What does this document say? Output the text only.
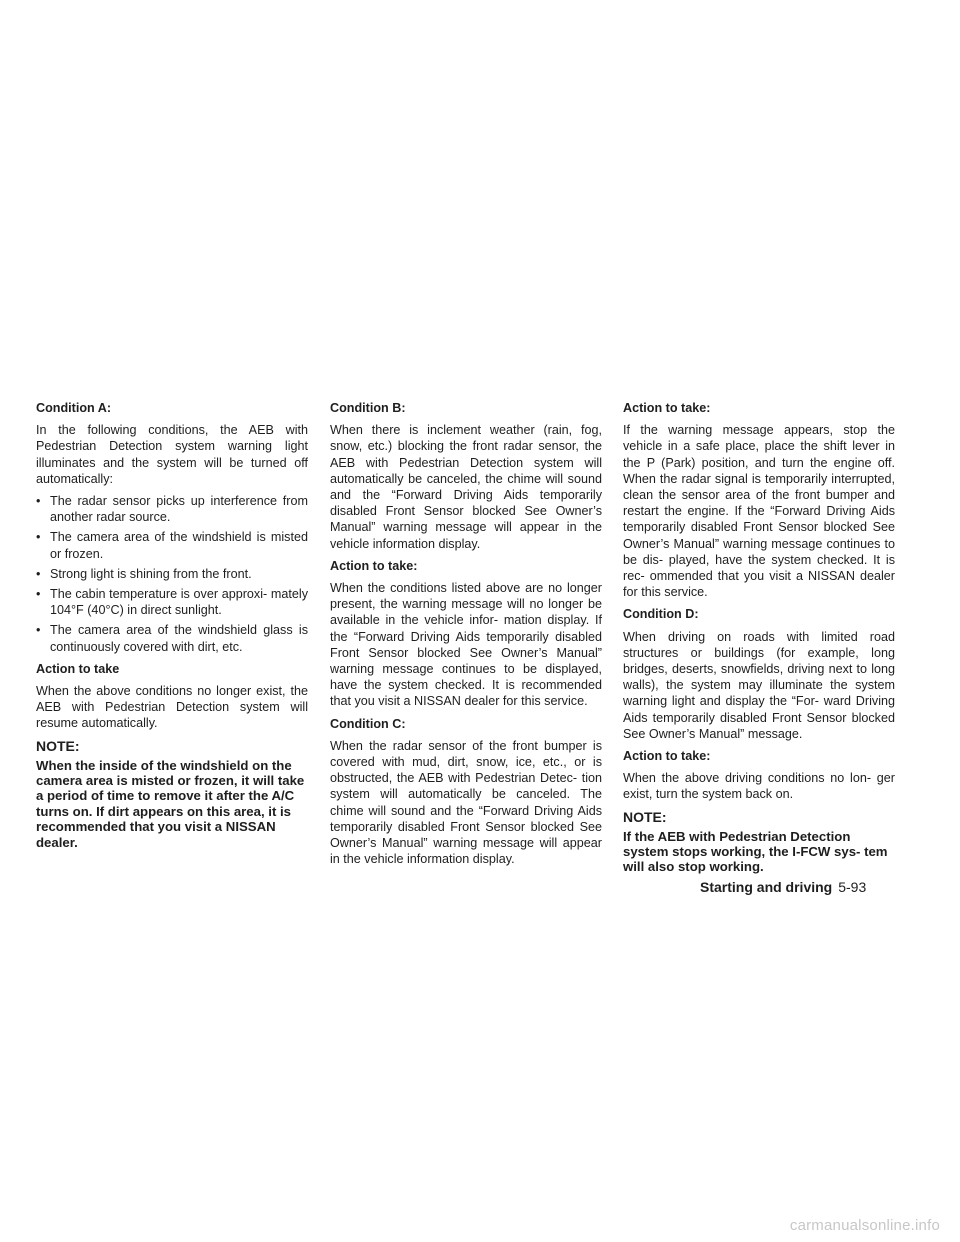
Condition A:

In the following conditions, the AEB with Pedestrian Detection system warning light illuminates and the system will be turned off automatically:

• The radar sensor picks up interference from another radar source.
• The camera area of the windshield is misted or frozen.
• Strong light is shining from the front.
• The cabin temperature is over approxi- mately 104°F (40°C) in direct sunlight.
• The camera area of the windshield glass is continuously covered with dirt, etc.
Action to take

When the above conditions no longer exist, the AEB with Pedestrian Detection system will resume automatically.

NOTE:

When the inside of the windshield on the camera area is misted or frozen, it will take a period of time to remove it after the A/C turns on. If dirt appears on this area, it is recommended that you visit a NISSAN dealer.

Condition B:

When there is inclement weather (rain, fog, snow, etc.) blocking the front radar sensor, the AEB with Pedestrian Detection system will automatically be canceled, the chime will sound and the “Forward Driving Aids temporarily disabled Front Sensor blocked See Owner’s Manual” warning message will appear in the vehicle information display.

Action to take:

When the conditions listed above are no longer present, the warning message will no longer be available in the vehicle infor- mation display. If the “Forward Driving Aids temporarily disabled Front Sensor blocked See Owner’s Manual” warning message continues to be displayed, have the system checked. It is recommended that you visit a NISSAN dealer for this service.

Condition C:

When the radar sensor of the front bumper is covered with mud, dirt, snow, ice, etc., or is obstructed, the AEB with Pedestrian Detec- tion system will automatically be canceled. The chime will sound and the “Forward Driving Aids temporarily disabled Front Sensor blocked See Owner’s Manual” warning message will appear in the vehicle information display.

Action to take:

If the warning message appears, stop the vehicle in a safe place, place the shift lever in the P (Park) position, and turn the engine off. When the radar signal is temporarily interrupted, clean the sensor area of the front bumper and restart the engine. If the “Forward Driving Aids temporarily disabled Front Sensor blocked See Owner’s Manual” warning message continues to be dis- played, have the system checked. It is rec- ommended that you visit a NISSAN dealer for this service.

Condition D:

When driving on roads with limited road structures or buildings (for example, long bridges, deserts, snowfields, driving next to long walls), the system may illuminate the system warning light and display the “For- ward Driving Aids temporarily disabled Front Sensor blocked See Owner’s Manual” message.

Action to take:

When the above driving conditions no lon- ger exist, turn the system back on.

NOTE:

If the AEB with Pedestrian Detection system stops working, the I-FCW sys- tem will also stop working.

Starting and driving 5-93
carmanualsonline.info
